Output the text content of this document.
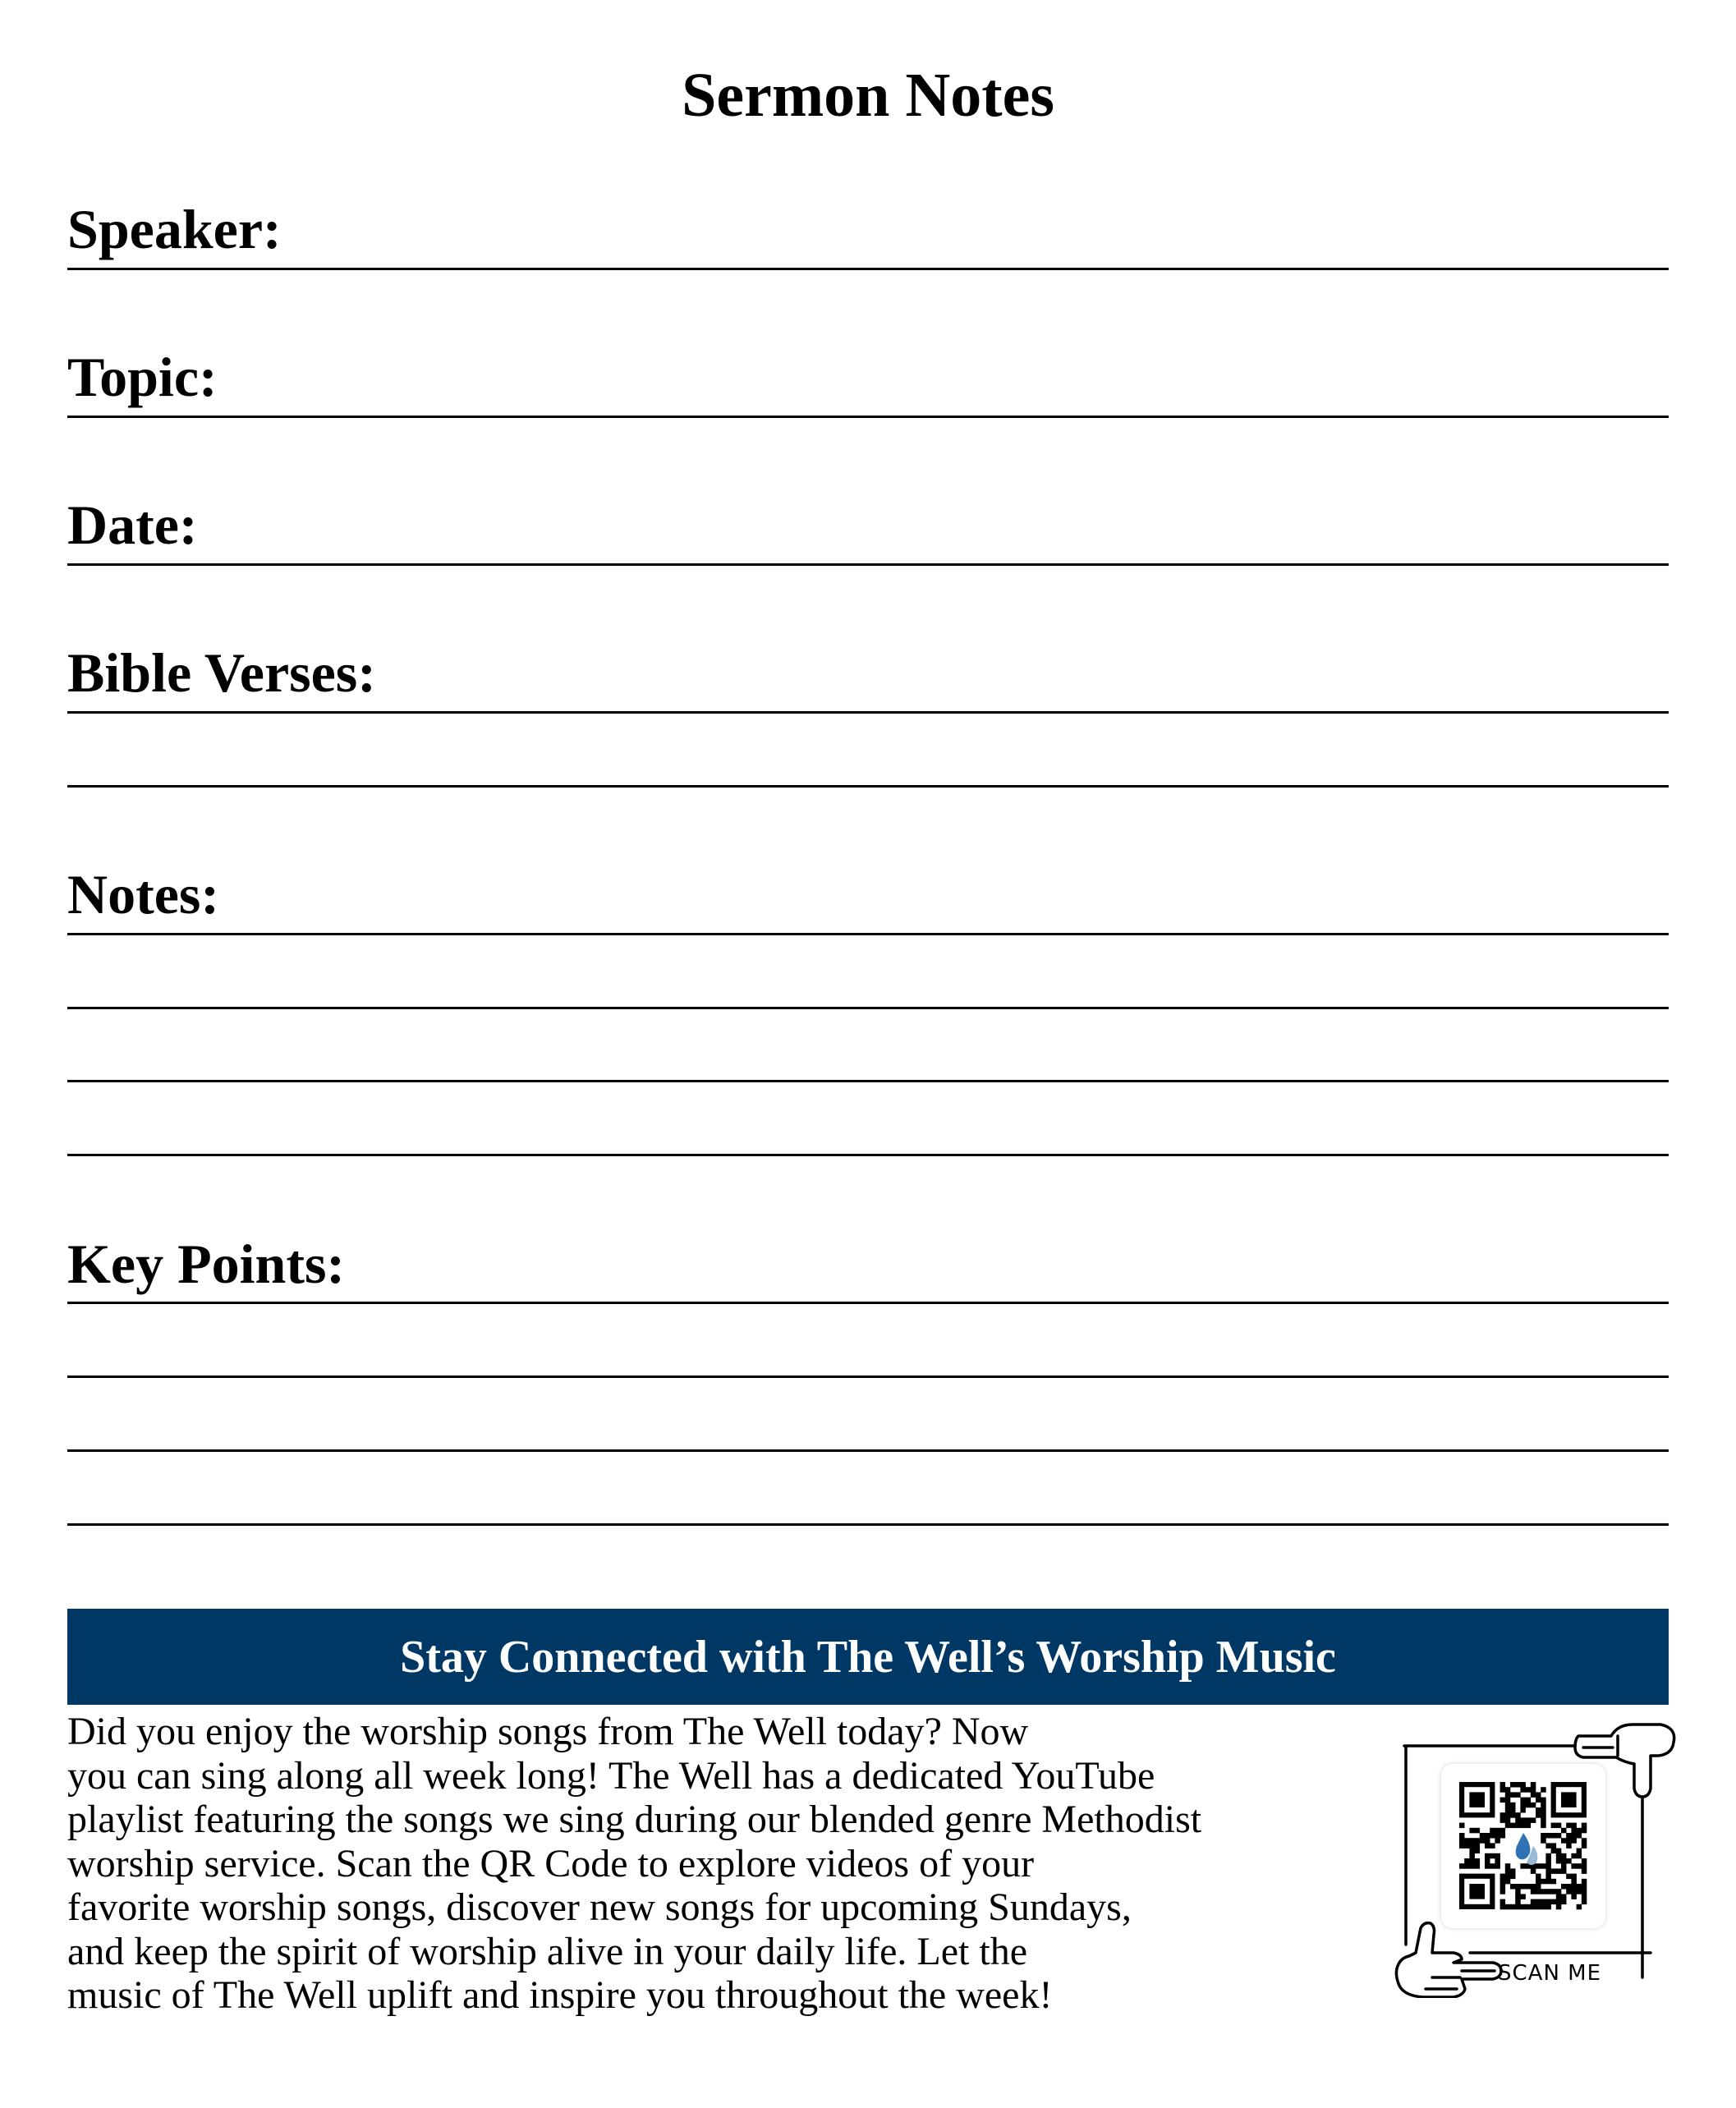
Sermon Notes
Speaker:
Topic:
Date:
Bible Verses:
Notes:
Key Points:
Stay Connected with The Well’s Worship Music
Did you enjoy the worship songs from The Well today? Now
you can sing along all week long! The Well has a dedicated YouTube
playlist featuring the songs we sing during our blended genre Methodist
worship service. Scan the QR Code to explore videos of your
favorite worship songs, discover new songs for upcoming Sundays,
and keep the spirit of worship alive in your daily life. Let the
music of The Well uplift and inspire you throughout the week!	SCAN ME
